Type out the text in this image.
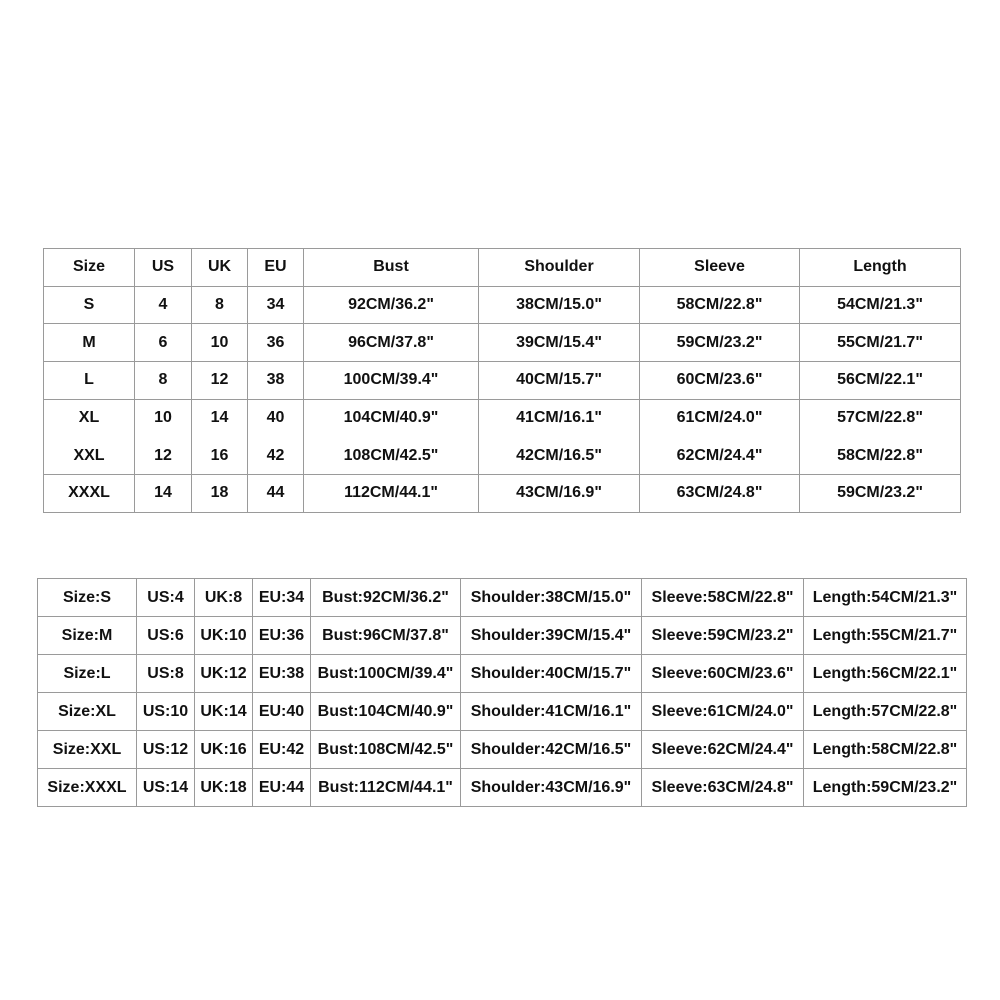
Size	US	UK	EU	Bust	Shoulder	Sleeve	Length
S	4	8	34	92CM/36.2"	38CM/15.0"	58CM/22.8"	54CM/21.3"
M	6	10	36	96CM/37.8"	39CM/15.4"	59CM/23.2"	55CM/21.7"
L	8	12	38	100CM/39.4"	40CM/15.7"	60CM/23.6"	56CM/22.1"
XL	10	14	40	104CM/40.9"	41CM/16.1"	61CM/24.0"	57CM/22.8"
XXL	12	16	42	108CM/42.5"	42CM/16.5"	62CM/24.4"	58CM/22.8"
XXXL	14	18	44	112CM/44.1"	43CM/16.9"	63CM/24.8"	59CM/23.2"
Size:S	US:4	UK:8	EU:34	Bust:92CM/36.2"	Shoulder:38CM/15.0"	Sleeve:58CM/22.8"	Length:54CM/21.3"
Size:M	US:6	UK:10	EU:36	Bust:96CM/37.8"	Shoulder:39CM/15.4"	Sleeve:59CM/23.2"	Length:55CM/21.7"
Size:L	US:8	UK:12	EU:38	Bust:100CM/39.4"	Shoulder:40CM/15.7"	Sleeve:60CM/23.6"	Length:56CM/22.1"
Size:XL	US:10	UK:14	EU:40	Bust:104CM/40.9"	Shoulder:41CM/16.1"	Sleeve:61CM/24.0"	Length:57CM/22.8"
Size:XXL	US:12	UK:16	EU:42	Bust:108CM/42.5"	Shoulder:42CM/16.5"	Sleeve:62CM/24.4"	Length:58CM/22.8"
Size:XXXL	US:14	UK:18	EU:44	Bust:112CM/44.1"	Shoulder:43CM/16.9"	Sleeve:63CM/24.8"	Length:59CM/23.2"
